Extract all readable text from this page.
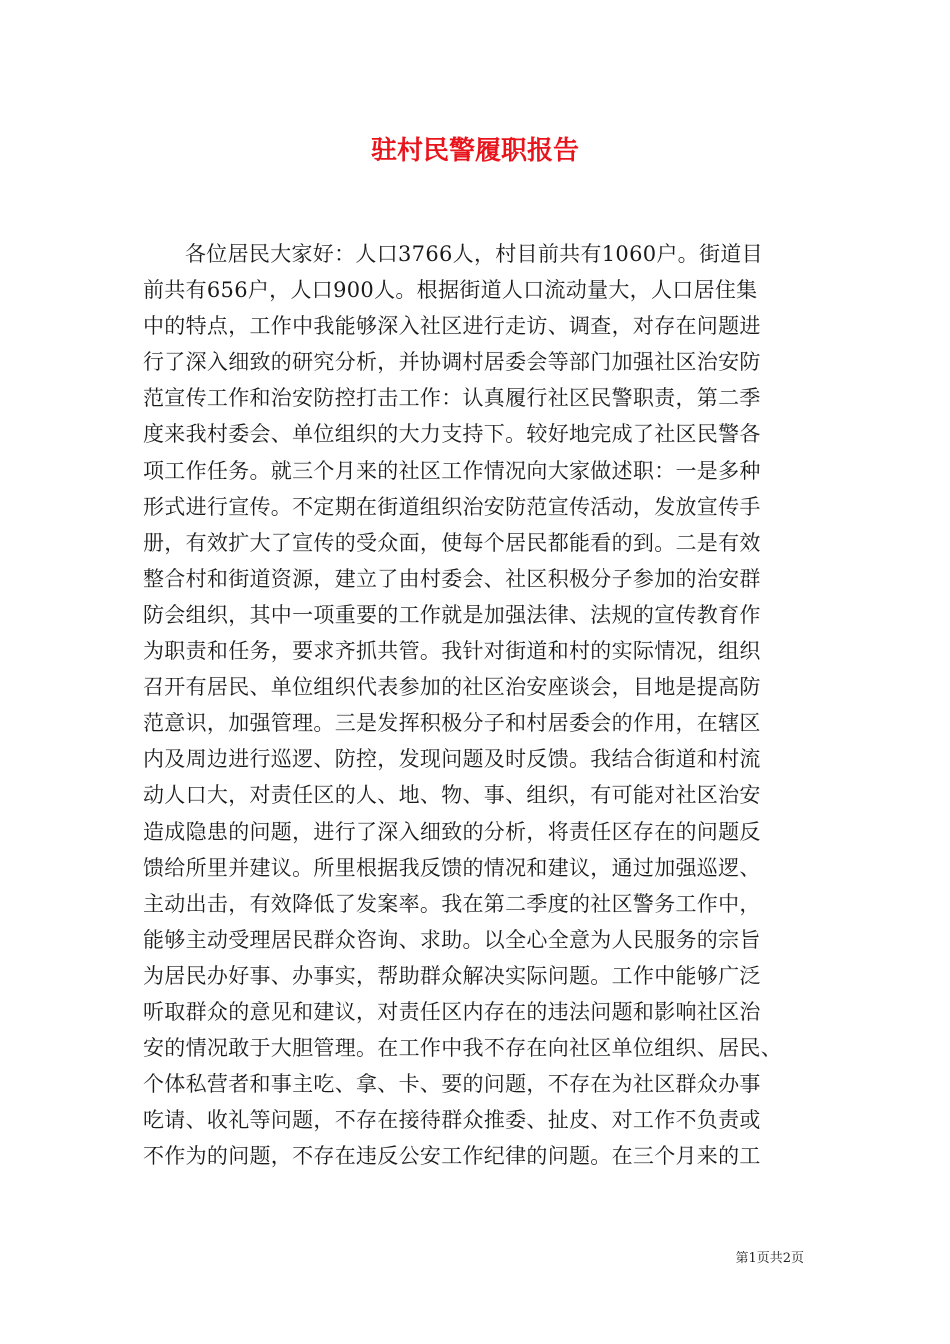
驻村民警履职报告
各位居民大家好：人口3766人，村目前共有1060户。街道目
前共有656户，人口900人。根据街道人口流动量大，人口居住集
中的特点，工作中我能够深入社区进行走访、调查，对存在问题进
行了深入细致的研究分析，并协调村居委会等部门加强社区治安防
范宣传工作和治安防控打击工作：认真履行社区民警职责，第二季
度来我村委会、单位组织的大力支持下。较好地完成了社区民警各
项工作任务。就三个月来的社区工作情况向大家做述职：一是多种
形式进行宣传。不定期在街道组织治安防范宣传活动，发放宣传手
册，有效扩大了宣传的受众面，使每个居民都能看的到。二是有效
整合村和街道资源，建立了由村委会、社区积极分子参加的治安群
防会组织，其中一项重要的工作就是加强法律、法规的宣传教育作
为职责和任务，要求齐抓共管。我针对街道和村的实际情况，组织
召开有居民、单位组织代表参加的社区治安座谈会，目地是提高防
范意识，加强管理。三是发挥积极分子和村居委会的作用，在辖区
内及周边进行巡逻、防控，发现问题及时反馈。我结合街道和村流
动人口大，对责任区的人、地、物、事、组织，有可能对社区治安
造成隐患的问题，进行了深入细致的分析，将责任区存在的问题反
馈给所里并建议。所里根据我反馈的情况和建议，通过加强巡逻、
主动出击，有效降低了发案率。我在第二季度的社区警务工作中，
能够主动受理居民群众咨询、求助。以全心全意为人民服务的宗旨
为居民办好事、办事实，帮助群众解决实际问题。工作中能够广泛
听取群众的意见和建议，对责任区内存在的违法问题和影响社区治
安的情况敢于大胆管理。在工作中我不存在向社区单位组织、居民、
个体私营者和事主吃、拿、卡、要的问题，不存在为社区群众办事
吃请、收礼等问题，不存在接待群众推委、扯皮、对工作不负责或
不作为的问题，不存在违反公安工作纪律的问题。在三个月来的工
第1页共2页
